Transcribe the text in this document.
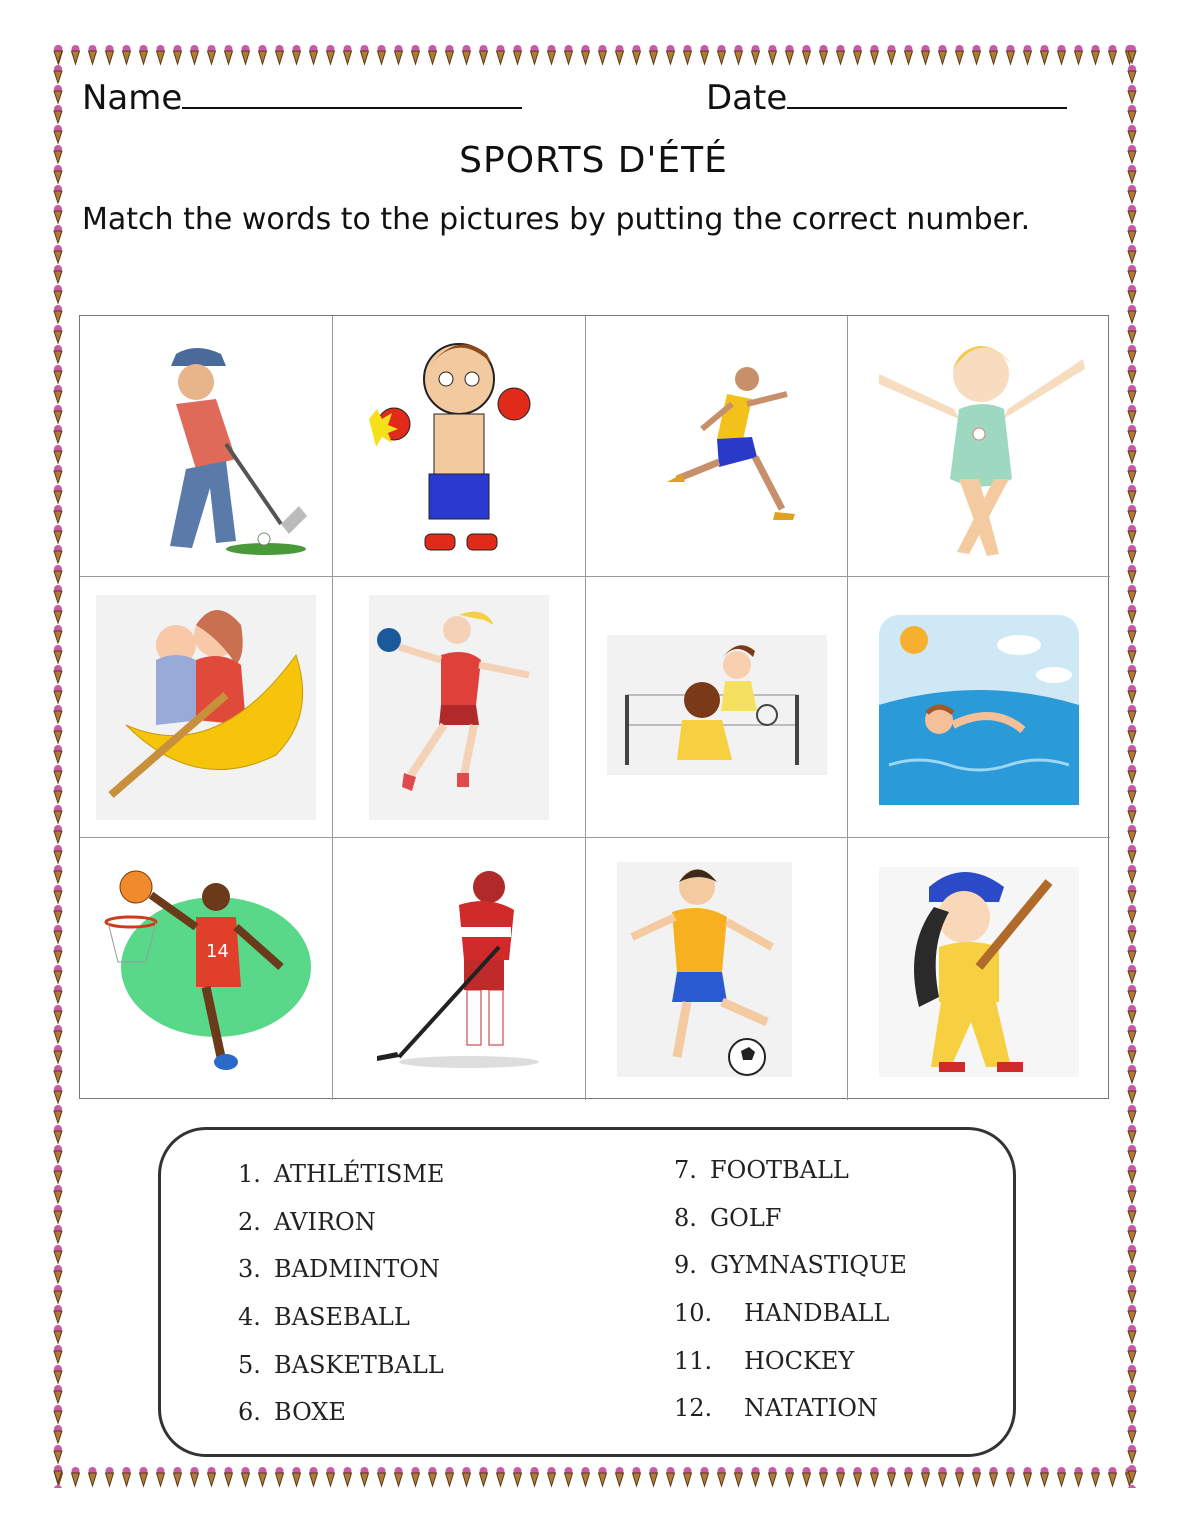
Name	Date
SPORTS D'ÉTÉ
Match the words to the pictures by putting the correct number.
14
1. ATHLÉTISME
2. AVIRON
3. BADMINTON
4. BASEBALL
5. BASKETBALL
6. BOXE
7. FOOTBALL
8. GOLF
9. GYMNASTIQUE
10.	HANDBALL
11.	HOCKEY
12.	NATATION
